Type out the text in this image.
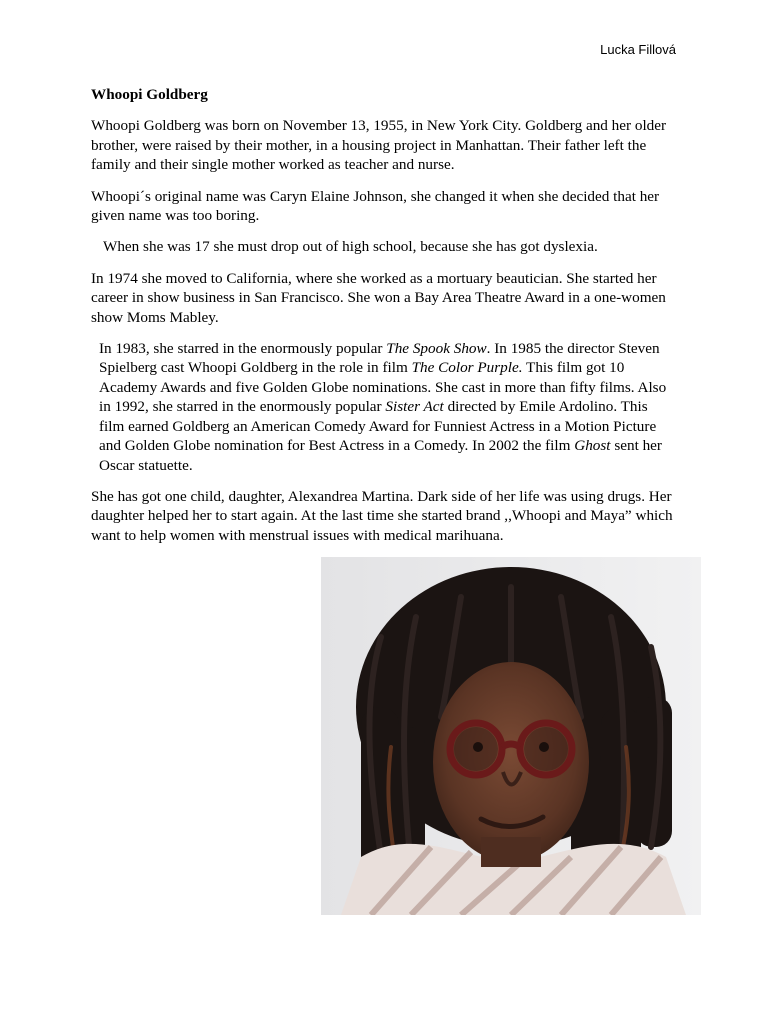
Lucka Fillová

Whoopi Goldberg

Whoopi Goldberg was born on November 13, 1955, in New York City. Goldberg and her older brother, were raised by their mother, in a housing project in Manhattan. Their father left the family and their single mother worked as teacher and nurse.

Whoopi´s original name was Caryn Elaine Johnson, she changed it when she decided that her given name was too boring.

When she was 17 she must drop out of high school, because she has got dyslexia.

In 1974 she moved to California, where she worked as a mortuary beautician. She started her career in show business in San Francisco. She won a Bay Area Theatre Award in a one-women show Moms Mabley.

In 1983, she starred in the enormously popular The Spook Show. In 1985 the director Steven Spielberg cast Whoopi Goldberg in the role in film The Color Purple. This film got 10 Academy Awards and five Golden Globe nominations. She cast in more than fifty films. Also in 1992, she starred in the enormously popular Sister Act directed by Emile Ardolino. This film earned Goldberg an American Comedy Award for Funniest Actress in a Motion Picture and Golden Globe nomination for Best Actress in a Comedy. In 2002 the film Ghost sent her Oscar statuette.

She has got one child, daughter, Alexandrea Martina. Dark side of her life was using drugs. Her daughter helped her to start again. At the last time she started brand ,,Whoopi and Maya” which want to help women with menstrual issues with medical marihuana.
